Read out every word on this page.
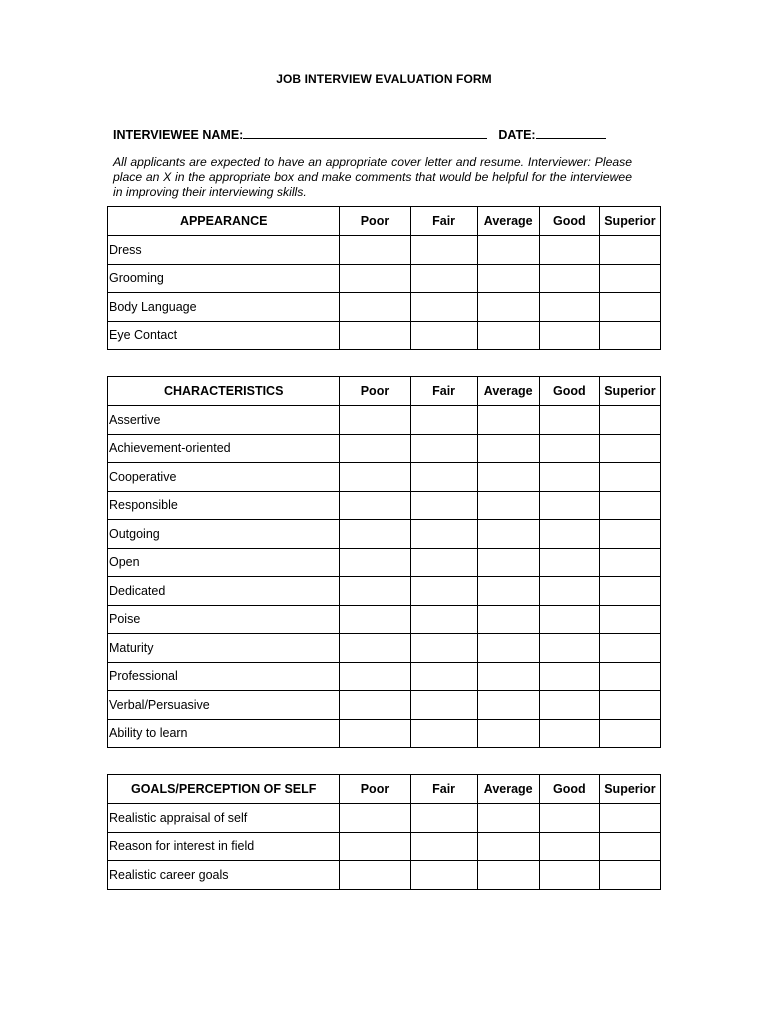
JOB INTERVIEW EVALUATION FORM
INTERVIEWEE NAME:	DATE:
All applicants are expected to have an appropriate cover letter and resume. Interviewer: Please place an X in the appropriate box and make comments that would be helpful for the interviewee in improving their interviewing skills.
APPEARANCE	Poor	Fair	Average	Good	Superior
Dress					
Grooming					
Body Language					
Eye Contact					
CHARACTERISTICS	Poor	Fair	Average	Good	Superior
Assertive					
Achievement-oriented					
Cooperative					
Responsible					
Outgoing					
Open					
Dedicated					
Poise					
Maturity					
Professional					
Verbal/Persuasive					
Ability to learn					
GOALS/PERCEPTION OF SELF	Poor	Fair	Average	Good	Superior
Realistic appraisal of self					
Reason for interest in field					
Realistic career goals					
